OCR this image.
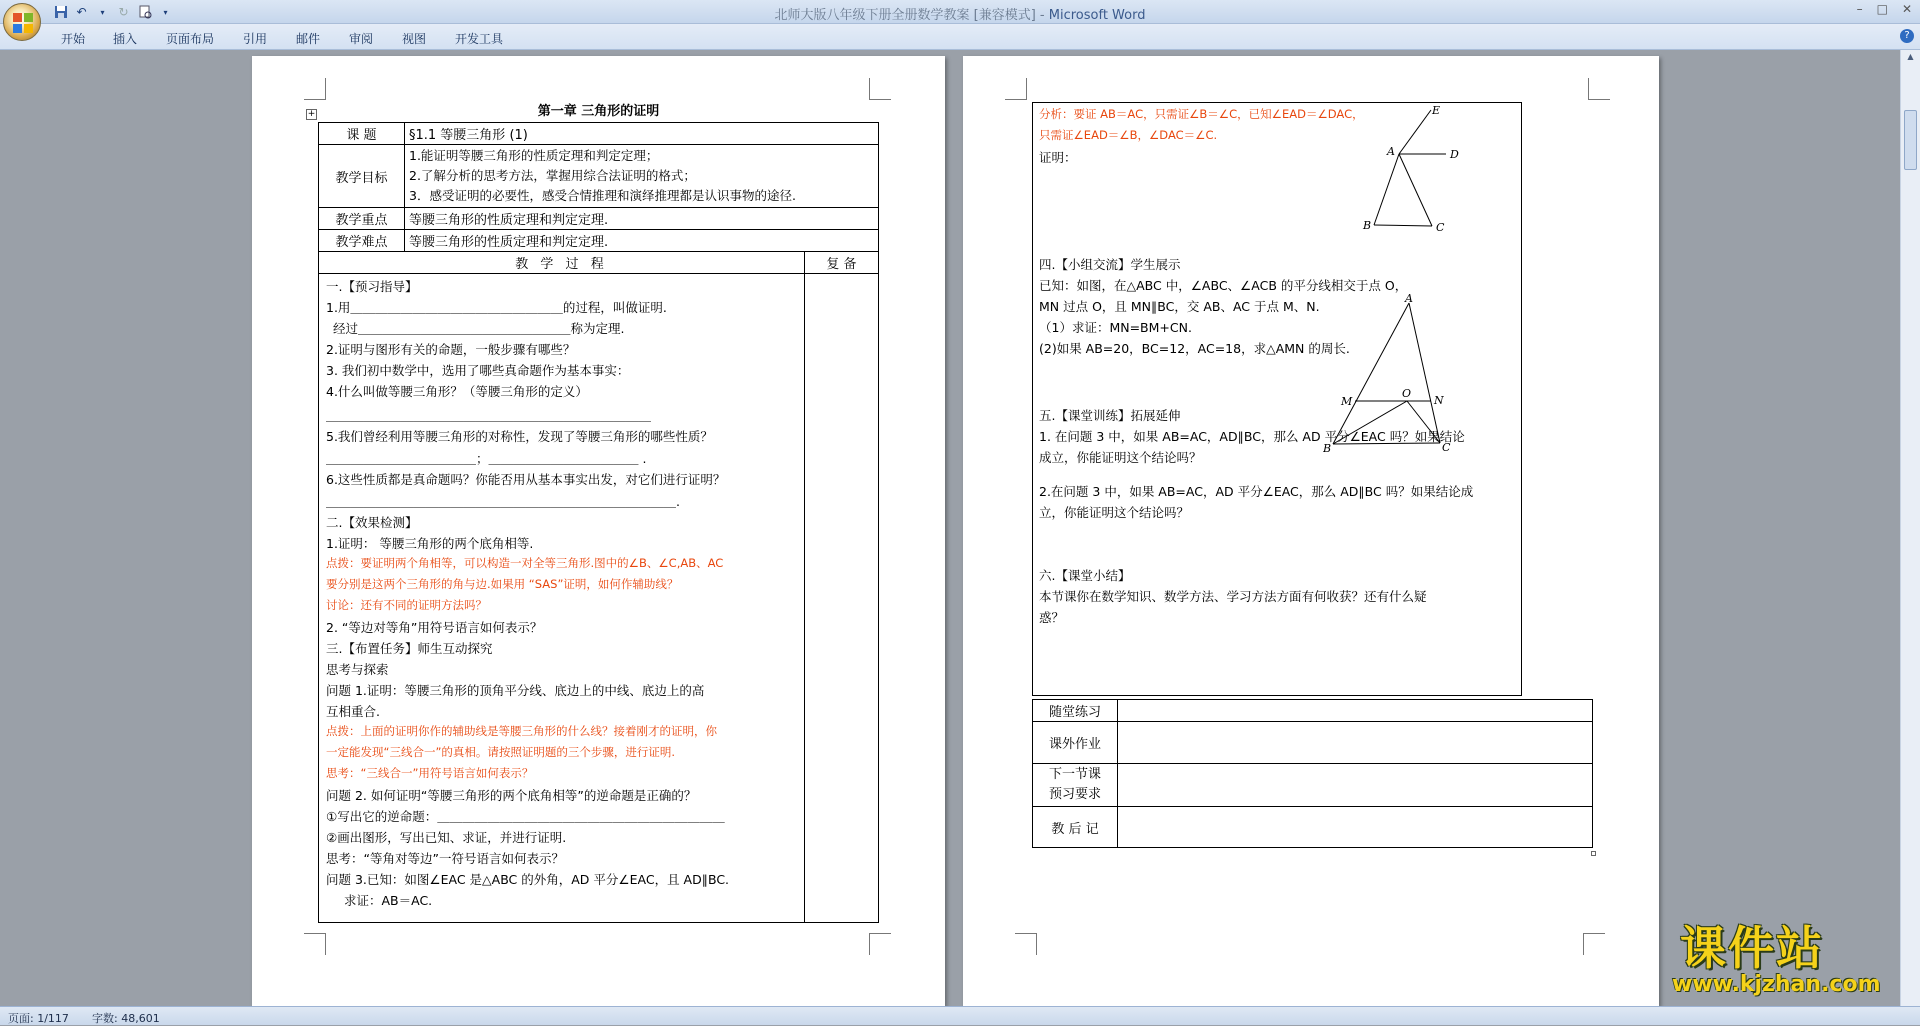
↶	▾	↻	▾	北师大版八年级下册全册数学教案 [兼容模式] - Microsoft Word	– □ ✕
开始 插入 页面布局 引用 邮件 审阅 视图 开发工具	?
+	第一章 三角形的证明
课 题	§1.1 等腰三角形 (1)	
教学目标	1.能证明等腰三角形的性质定理和判定定理；
2.了解分析的思考方法，掌握用综合法证明的格式；
3．感受证明的必要性，感受合情推理和演绎推理都是认识事物的途径.	

教学重点	等腰三角形的性质定理和判定定理.	
教学难点	等腰三角形的性质定理和判定定理.	
教 学 过 程		复 备

一.【预习指导】
1.用＿＿＿＿＿＿＿＿＿＿＿＿＿＿＿＿＿的过程，叫做证明.
经过＿＿＿＿＿＿＿＿＿＿＿＿＿＿＿＿＿称为定理.
2.证明与图形有关的命题，一般步骤有哪些？
3. 我们初中数学中，选用了哪些真命题作为基本事实：
4.什么叫做等腰三角形？（等腰三角形的定义）
＿＿＿＿＿＿＿＿＿＿＿＿＿＿＿＿＿＿＿＿＿＿＿＿＿＿
5.我们曾经利用等腰三角形的对称性，发现了等腰三角形的哪些性质？
＿＿＿＿＿＿＿＿＿＿＿＿；＿＿＿＿＿＿＿＿＿＿＿＿ .
6.这些性质都是真命题吗？你能否用从基本事实出发，对它们进行证明？
＿＿＿＿＿＿＿＿＿＿＿＿＿＿＿＿＿＿＿＿＿＿＿＿＿＿＿＿.
二.【效果检测】
1.证明： 等腰三角形的两个底角相等.
点拨：要证明两个角相等，可以构造一对全等三角形.图中的∠B、∠C,AB、AC
要分别是这两个三角形的角与边.如果用 “SAS”证明，如何作辅助线？
讨论：还有不同的证明方法吗？
2. “等边对等角”用符号语言如何表示？
三.【布置任务】师生互动探究
思考与探索
问题 1.证明：等腰三角形的顶角平分线、底边上的中线、底边上的高
互相重合.
点拨：上面的证明你作的辅助线是等腰三角形的什么线？接着刚才的证明，你
一定能发现“三线合一”的真相。请按照证明题的三个步骤，进行证明.
思考：“三线合一”用符号语言如何表示？
问题 2. 如何证明“等腰三角形的两个底角相等”的逆命题是正确的？
①写出它的逆命题：＿＿＿＿＿＿＿＿＿＿＿＿＿＿＿＿＿＿＿＿＿＿＿
②画出图形，写出已知、求证，并进行证明.
思考：“等角对等边”一符号语言如何表示？
问题 3.已知：如图∠EAC 是△ABC 的外角，AD 平分∠EAC，且 AD∥BC.
求证：AB＝AC.
分析：要证 AB＝AC，只需证∠B＝∠C，已知∠EAD＝∠DAC，
只需证∠EAD＝∠B，∠DAC＝∠C.
证明：
E
A	D
B	C
四.【小组交流】学生展示
已知：如图，在△ABC 中，∠ABC、∠ACB 的平分线相交于点 O，
MN 过点 O，且 MN∥BC，交 AB、AC 于点 M、N.
（1）求证：MN=BM+CN.
(2)如果 AB=20，BC=12，AC=18，求△AMN 的周长.
A
M
O
N
B	C
五.【课堂训练】拓展延伸
1. 在问题 3 中，如果 AB=AC，AD∥BC，那么 AD 平分∠EAC 吗？如果结论
成立，你能证明这个结论吗？
2.在问题 3 中，如果 AB=AC，AD 平分∠EAC，那么 AD∥BC 吗？如果结论成
立，你能证明这个结论吗？
六.【课堂小结】
本节课你在数学知识、数学方法、学习方法方面有何收获？还有什么疑
惑？
随堂练习	
课外作业	

下一节课
预习要求	

教 后 记	
▲
课件站
www.kjzhan.com
页面: 1/117 字数: 48,601
